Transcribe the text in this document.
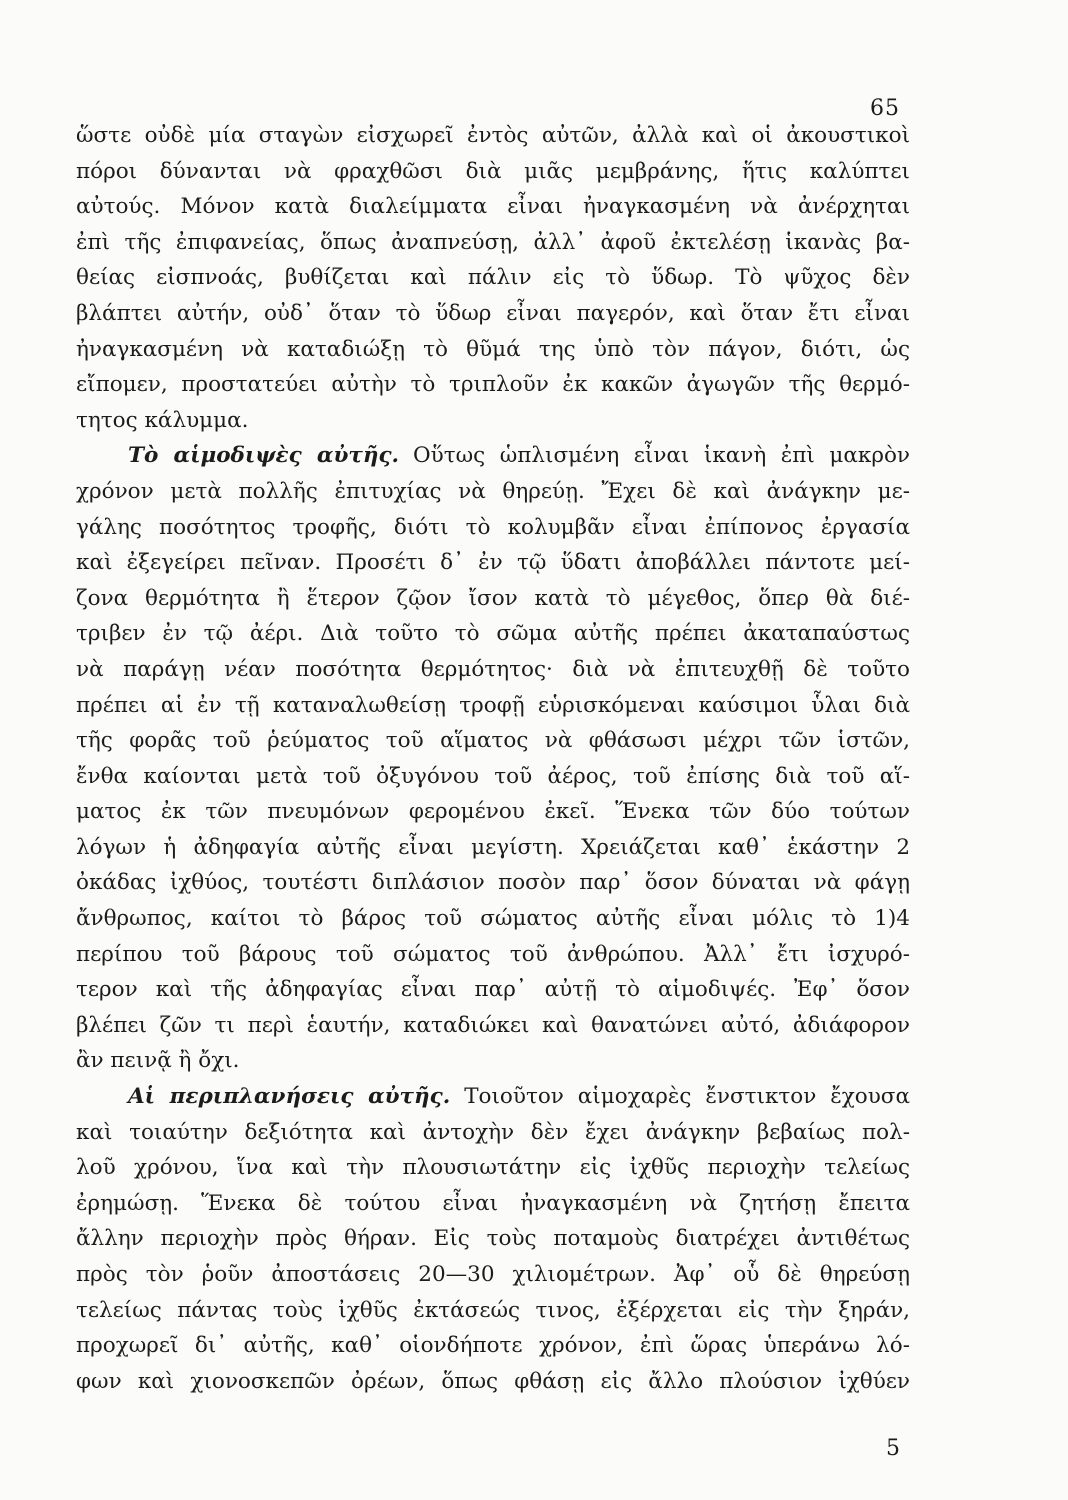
65
ὥστε οὐδὲ μία σταγὼν εἰσχωρεῖ ἐντὸς αὐτῶν, ἀλλὰ καὶ οἱ ἀκουστικοὶ
πόροι δύνανται νὰ φραχθῶσι διὰ μιᾶς μεμβράνης, ἥτις καλύπτει
αὐτούς. Μόνον κατὰ διαλείμματα εἶναι ἠναγκασμένη νὰ ἀνέρχηται
ἐπὶ τῆς ἐπιφανείας, ὅπως ἀναπνεύσῃ, ἀλλ᾽ ἀφοῦ ἐκτελέσῃ ἱκανὰς βα-
θείας εἰσπνοάς, βυθίζεται καὶ πάλιν εἰς τὸ ὕδωρ. Τὸ ψῦχος δὲν
βλάπτει αὐτήν, οὐδ᾽ ὅταν τὸ ὕδωρ εἶναι παγερόν, καὶ ὅταν ἔτι εἶναι
ἠναγκασμένη νὰ καταδιώξῃ τὸ θῦμά της ὑπὸ τὸν πάγον, διότι, ὡς
εἴπομεν, προστατεύει αὐτὴν τὸ τριπλοῦν ἐκ κακῶν ἀγωγῶν τῆς θερμό-
τητος κάλυμμα.
Τὸ αἱμοδιψὲς αὐτῆς. Οὕτως ὡπλισμένη εἶναι ἱκανὴ ἐπὶ μακρὸν
χρόνον μετὰ πολλῆς ἐπιτυχίας νὰ θηρεύῃ. Ἔχει δὲ καὶ ἀνάγκην με-
γάλης ποσότητος τροφῆς, διότι τὸ κολυμβᾶν εἶναι ἐπίπονος ἐργασία
καὶ ἐξεγείρει πεῖναν. Προσέτι δ᾽ ἐν τῷ ὕδατι ἀποβάλλει πάντοτε μεί-
ζονα θερμότητα ἢ ἕτερον ζῷον ἴσον κατὰ τὸ μέγεθος, ὅπερ θὰ διέ-
τριβεν ἐν τῷ ἀέρι. Διὰ τοῦτο τὸ σῶμα αὐτῆς πρέπει ἀκαταπαύστως
νὰ παράγῃ νέαν ποσότητα θερμότητος· διὰ νὰ ἐπιτευχθῇ δὲ τοῦτο
πρέπει αἱ ἐν τῇ καταναλωθείσῃ τροφῇ εὑρισκόμεναι καύσιμοι ὗλαι διὰ
τῆς φορᾶς τοῦ ῥεύματος τοῦ αἵματος νὰ φθάσωσι μέχρι τῶν ἱστῶν,
ἔνθα καίονται μετὰ τοῦ ὀξυγόνου τοῦ ἀέρος, τοῦ ἐπίσης διὰ τοῦ αἵ-
ματος ἐκ τῶν πνευμόνων φερομένου ἐκεῖ. Ἕνεκα τῶν δύο τούτων
λόγων ἡ ἀδηφαγία αὐτῆς εἶναι μεγίστη. Χρειάζεται καθ᾽ ἑκάστην 2
ὀκάδας ἰχθύος, τουτέστι διπλάσιον ποσὸν παρ᾽ ὅσον δύναται νὰ φάγῃ
ἄνθρωπος, καίτοι τὸ βάρος τοῦ σώματος αὐτῆς εἶναι μόλις τὸ 1)4
περίπου τοῦ βάρους τοῦ σώματος τοῦ ἀνθρώπου. Ἀλλ᾽ ἔτι ἰσχυρό-
τερον καὶ τῆς ἀδηφαγίας εἶναι παρ᾽ αὐτῇ τὸ αἱμοδιψές. Ἐφ᾽ ὅσον
βλέπει ζῶν τι περὶ ἑαυτήν, καταδιώκει καὶ θανατώνει αὐτό, ἀδιάφορον
ἂν πεινᾷ ἢ ὄχι.
Αἱ περιπλανήσεις αὐτῆς. Τοιοῦτον αἱμοχαρὲς ἔνστικτον ἔχουσα
καὶ τοιαύτην δεξιότητα καὶ ἀντοχὴν δὲν ἔχει ἀνάγκην βεβαίως πολ-
λοῦ χρόνου, ἵνα καὶ τὴν πλουσιωτάτην εἰς ἰχθῦς περιοχὴν τελείως
ἐρημώσῃ. Ἕνεκα δὲ τούτου εἶναι ἠναγκασμένη νὰ ζητήσῃ ἔπειτα
ἄλλην περιοχὴν πρὸς θήραν. Εἰς τοὺς ποταμοὺς διατρέχει ἀντιθέτως
πρὸς τὸν ῥοῦν ἀποστάσεις 20—30 χιλιομέτρων. Ἀφ᾽ οὗ δὲ θηρεύσῃ
τελείως πάντας τοὺς ἰχθῦς ἐκτάσεώς τινος, ἐξέρχεται εἰς τὴν ξηράν,
προχωρεῖ δι᾽ αὐτῆς, καθ᾽ οἱονδήποτε χρόνον, ἐπὶ ὥρας ὑπεράνω λό-
φων καὶ χιονοσκεπῶν ὀρέων, ὅπως φθάσῃ εἰς ἄλλο πλούσιον ἰχθύεν
5
